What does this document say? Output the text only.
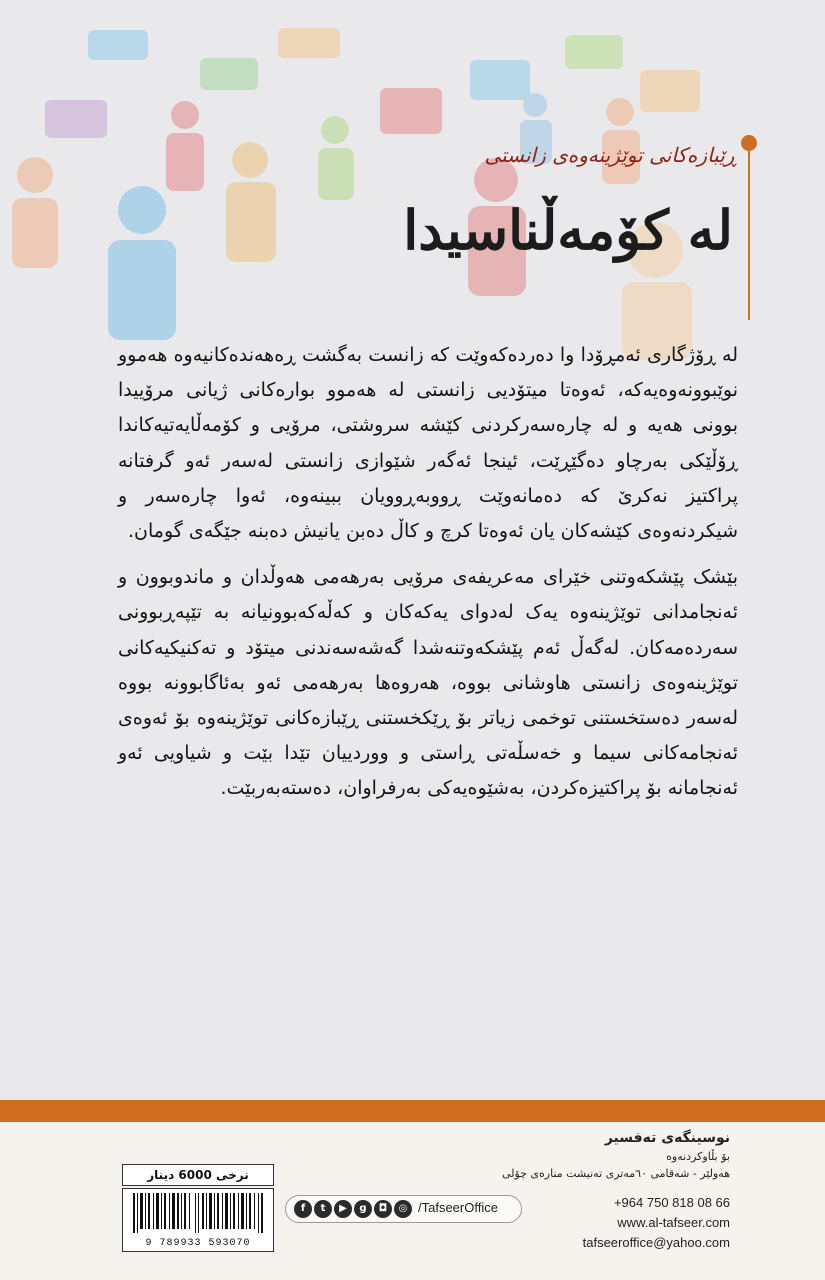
ڕێبازەکانی توێژینەوەی زانستی
لە کۆمەڵناسیدا

لە ڕۆژگاری ئەمڕۆدا وا دەردەکەوێت کە زانست بەگشت ڕەهەندەکانیەوە هەموو نوێبوونەوەیەکە، ئەوەتا میتۆدیی زانستی لە هەموو بوارەکانی ژیانی مرۆییدا بوونی هەیە و لە چارەسەرکردنی کێشە سروشتی، مرۆیی و کۆمەڵایەتیەکاندا ڕۆڵێکی بەرچاو دەگێڕێت، ئینجا ئەگەر شێوازی زانستی لەسەر ئەو گرفتانە پراکتیز نەکرێ کە دەمانەوێت ڕووبەڕوویان ببینەوە، ئەوا چارەسەر و شیکردنەوەی کێشەکان یان ئەوەتا کرچ و کاڵ دەبن یانیش دەبنە جێگەی گومان.

بێشک پێشکەوتنی خێرای مەعریفەی مرۆیی بەرهەمی هەوڵدان و ماندوبوون و ئەنجامدانی توێژینەوە یەک لەدوای یەکەکان و کەڵەکەبوونیانە بە تێپەڕبوونی سەردەمەکان. لەگەڵ ئەم پێشکەوتنەشدا گەشەسەندنی میتۆد و تەکنیکیەکانی توێژینەوەی زانستی هاوشانی بووە، هەروەها بەرهەمی ئەو بەئاگابوونە بووە لەسەر دەستخستنی توخمی زیاتر بۆ ڕێکخستنی ڕێبازەکانی توێژینەوە بۆ ئەوەی ئەنجامەکانی سیما و خەسڵەتی ڕاستی و ووردییان تێدا بێت و شیاویی ئەو ئەنجامانە بۆ پراکتیزەکردن، بەشێوەیەکی بەرفراوان، دەستەبەربێت.

نوسینگەی تەفسیر
بۆ بڵاوکردنەوە
هەولێر - شەقامی ٦٠مەتری تەنیشت منارەی چۆلی
+964 750 818 08 66
www.al-tafseer.com
tafseeroffice@yahoo.com
f	t	▶	g	◘	◎ /TafseerOffice
نرخی 6000 دینار
9 789933 593070
